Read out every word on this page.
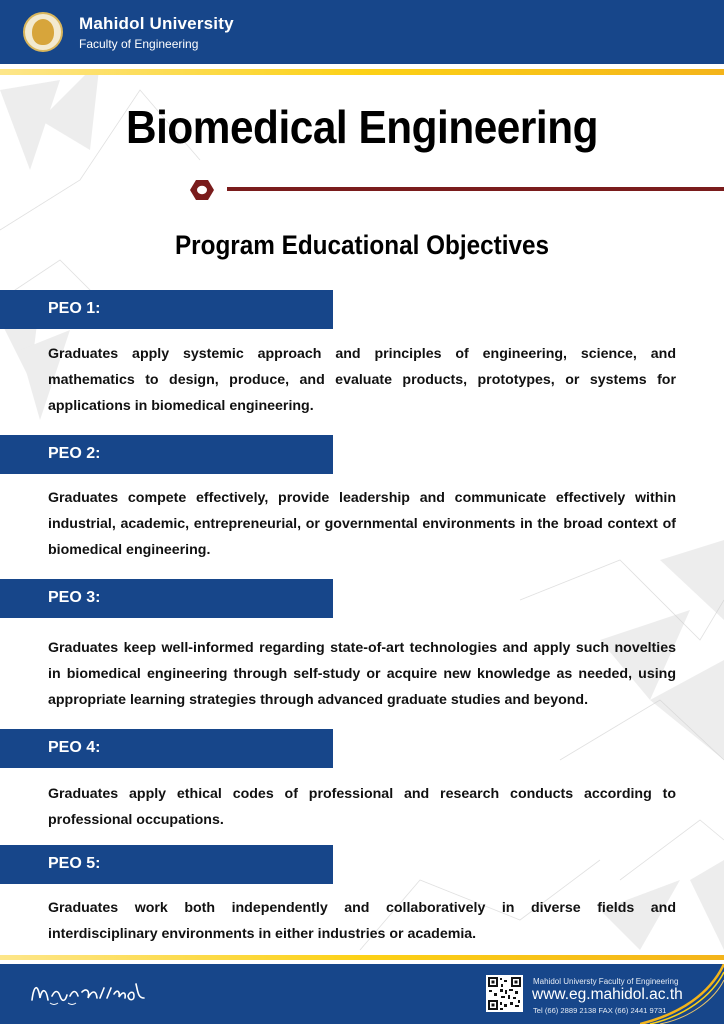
Mahidol University
Faculty of Engineering
Biomedical Engineering
Program Educational Objectives
PEO 1:
Graduates apply systemic approach and principles of engineering, science, and mathematics to design, produce, and evaluate products, prototypes, or systems for applications in biomedical engineering.
PEO 2:
Graduates compete effectively, provide leadership and communicate effectively within industrial, academic, entrepreneurial, or governmental environments in the broad context of biomedical engineering.
PEO 3:
Graduates keep well-informed regarding state-of-art technologies and apply such novelties in biomedical engineering through self-study or acquire new knowledge as needed, using appropriate learning strategies through advanced graduate studies and beyond.
PEO 4:
Graduates apply ethical codes of professional and research conducts according to professional occupations.
PEO 5:
Graduates work both independently and collaboratively in diverse fields and interdisciplinary environments in either industries or academia.
Mahidol Universty Faculty of Engineering
www.eg.mahidol.ac.th
Tel (66) 2889 2138 FAX (66) 2441 9731
